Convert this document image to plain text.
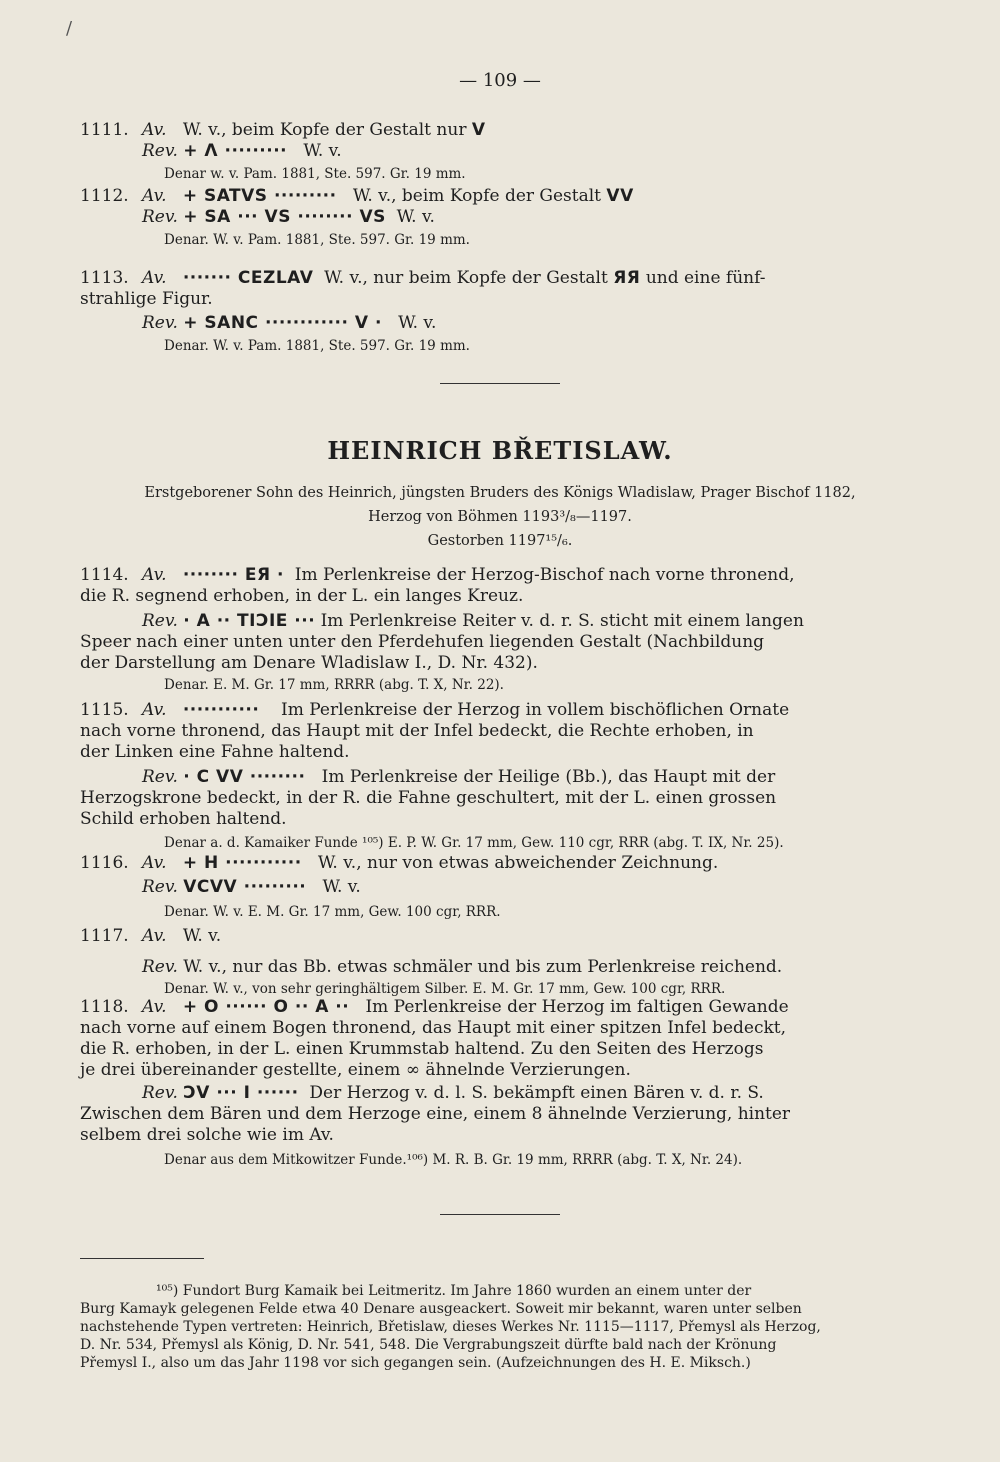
/
— 109 —
1111. Av. W. v., beim Kopfe der Gestalt nur V
Rev. + Λ ········· W. v.
Denar w. v. Pam. 1881, Ste. 597. Gr. 19 mm.
1112. Av. + SATVS ········· W. v., beim Kopfe der Gestalt VV
Rev. + SA ··· VS ········ VS W. v.
Denar. W. v. Pam. 1881, Ste. 597. Gr. 19 mm.
1113. Av. ······· CEZLAV W. v., nur beim Kopfe der Gestalt ЯЯ und eine fünf-
strahlige Figur.
Rev. + SANC ············ V · W. v.
Denar. W. v. Pam. 1881, Ste. 597. Gr. 19 mm.
HEINRICH BŘETISLAW.
Erstgeborener Sohn des Heinrich, jüngsten Bruders des Königs Wladislaw, Prager Bischof 1182,
Herzog von Böhmen 1193³/₈—1197.
Gestorben 1197¹⁵/₆.
1114. Av. ········ EЯ · Im Perlenkreise der Herzog-Bischof nach vorne thronend,
die R. segnend erhoben, in der L. ein langes Kreuz.
Rev. · A ·· TIƆIE ··· Im Perlenkreise Reiter v. d. r. S. sticht mit einem langen
Speer nach einer unten unter den Pferdehufen liegenden Gestalt (Nachbildung
der Darstellung am Denare Wladislaw I., D. Nr. 432).
Denar. E. M. Gr. 17 mm, RRRR (abg. T. X, Nr. 22).
1115. Av. ··········· Im Perlenkreise der Herzog in vollem bischöflichen Ornate
nach vorne thronend, das Haupt mit der Infel bedeckt, die Rechte erhoben, in
der Linken eine Fahne haltend.
Rev. · C VV ········ Im Perlenkreise der Heilige (Bb.), das Haupt mit der
Herzogskrone bedeckt, in der R. die Fahne geschultert, mit der L. einen grossen
Schild erhoben haltend.
Denar a. d. Kamaiker Funde ¹⁰⁵) E. P. W. Gr. 17 mm, Gew. 110 cgr, RRR (abg. T. IX, Nr. 25).
1116. Av. + H ··········· W. v., nur von etwas abweichender Zeichnung.
Rev. VCVV ········· W. v.
Denar. W. v. E. M. Gr. 17 mm, Gew. 100 cgr, RRR.
1117. Av. W. v.
Rev. W. v., nur das Bb. etwas schmäler und bis zum Perlenkreise reichend.
Denar. W. v., von sehr geringhältigem Silber. E. M. Gr. 17 mm, Gew. 100 cgr, RRR.
1118. Av. + O ······ O ·· A ·· Im Perlenkreise der Herzog im faltigen Gewande
nach vorne auf einem Bogen thronend, das Haupt mit einer spitzen Infel bedeckt,
die R. erhoben, in der L. einen Krummstab haltend. Zu den Seiten des Herzogs
je drei übereinander gestellte, einem ∞ ähnelnde Verzierungen.
Rev. ƆV ··· I ······ Der Herzog v. d. l. S. bekämpft einen Bären v. d. r. S.
Zwischen dem Bären und dem Herzoge eine, einem 8 ähnelnde Verzierung, hinter
selbem drei solche wie im Av.
Denar aus dem Mitkowitzer Funde.¹⁰⁶) M. R. B. Gr. 19 mm, RRRR (abg. T. X, Nr. 24).
¹⁰⁵) Fundort Burg Kamaik bei Leitmeritz. Im Jahre 1860 wurden an einem unter der
Burg Kamayk gelegenen Felde etwa 40 Denare ausgeackert. Soweit mir bekannt, waren unter selben
nachstehende Typen vertreten: Heinrich, Břetislaw, dieses Werkes Nr. 1115—1117, Přemysl als Herzog,
D. Nr. 534, Přemysl als König, D. Nr. 541, 548. Die Vergrabungszeit dürfte bald nach der Krönung
Přemysl I., also um das Jahr 1198 vor sich gegangen sein. (Aufzeichnungen des H. E. Miksch.)
